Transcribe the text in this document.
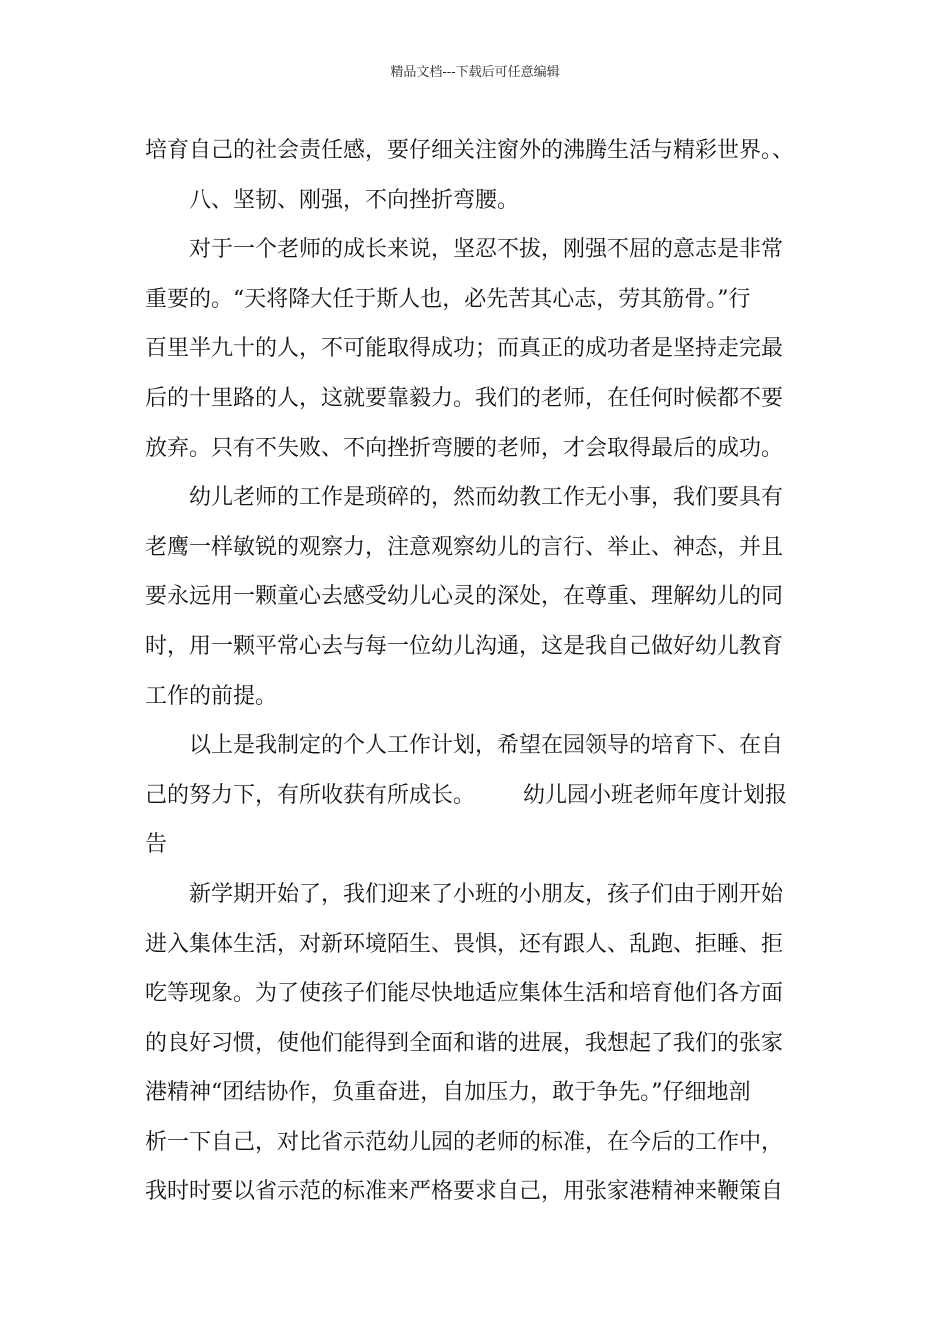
精品文档---下载后可任意编辑
培育自己的社会责任感，要仔细关注窗外的沸腾生活与精彩世界。、
八、坚韧、刚强，不向挫折弯腰。
对于一个老师的成长来说，坚忍不拔，刚强不屈的意志是非常
重要的。“天将降大任于斯人也，必先苦其心志，劳其筋骨。”行
百里半九十的人，不可能取得成功；而真正的成功者是坚持走完最
后的十里路的人，这就要靠毅力。我们的老师，在任何时候都不要
放弃。只有不失败、不向挫折弯腰的老师，才会取得最后的成功。
幼儿老师的工作是琐碎的，然而幼教工作无小事，我们要具有
老鹰一样敏锐的观察力，注意观察幼儿的言行、举止、神态，并且
要永远用一颗童心去感受幼儿心灵的深处，在尊重、理解幼儿的同
时，用一颗平常心去与每一位幼儿沟通，这是我自己做好幼儿教育
工作的前提。
以上是我制定的个人工作计划，希望在园领导的培育下、在自
己的努力下，有所收获有所成长。 幼儿园小班老师年度计划报
告
新学期开始了，我们迎来了小班的小朋友，孩子们由于刚开始
进入集体生活，对新环境陌生、畏惧，还有跟人、乱跑、拒睡、拒
吃等现象。为了使孩子们能尽快地适应集体生活和培育他们各方面
的良好习惯，使他们能得到全面和谐的进展，我想起了我们的张家
港精神“团结协作，负重奋进，自加压力，敢于争先。”仔细地剖
析一下自己，对比省示范幼儿园的老师的标准，在今后的工作中，
我时时要以省示范的标准来严格要求自己，用张家港精神来鞭策自
